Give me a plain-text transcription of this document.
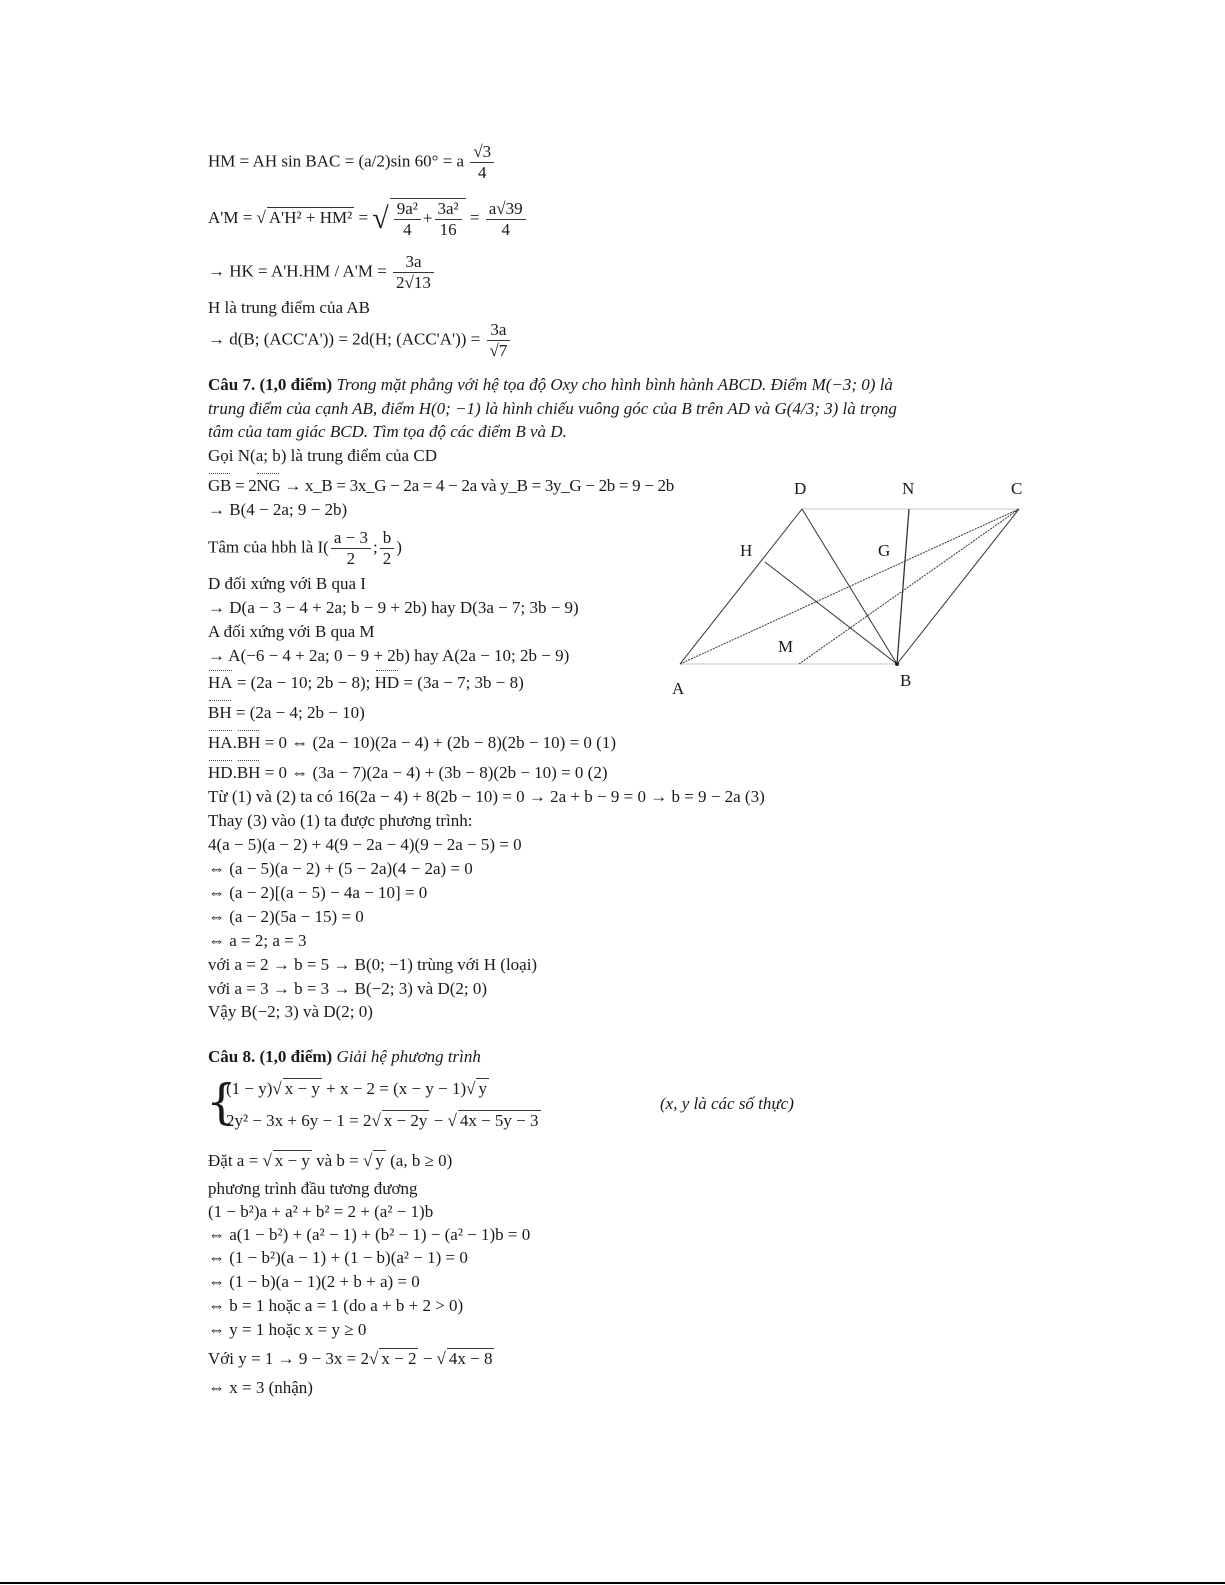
HM = AH sin BAC = (a/2)sin 60° = a $\frac{√3}{4}$
A'M = √ A'H² + HM² = √ $\frac{\text{9a²}}{4} + \frac{\text{3a²}}{16} = \frac{a√39}{4}$
→ HK = $A'H.HM / A'M = \frac{3a}{2√13}$
H là trung điểm của AB
→ d(B; (ACC'A')) = 2d(H; $(ACC'A')) = \frac{3a}{√7}$
Câu 7. (1,0 điểm) Trong mặt phẳng với hệ tọa độ Oxy cho hình bình hành ABCD. Điểm M(−3; 0) là
trung điểm của cạnh AB, điểm H(0; −1) là hình chiếu vuông góc của B trên AD và G(4/3; 3) là trọng
tâm của tam giác BCD. Tìm tọa độ các điểm B và D.
Gọi N(a; b) là trung điểm của CD
GB = 2NG → x_B = 3x_G − 2a = 4 − 2a và y_B = 3y_G − 2b = 9 − 2b
→ B(4 − 2a; 9 − 2b)
Tâm của hbh là $I( \frac{a - 3}{2}$ ; $\frac{b}{2}$ )
D đối xứng với B qua I
→ D(a − 3 − 4 + 2a; b − 9 + 2b) hay D(3a − 7; 3b − 9)
A đối xứng với B qua M
→ A(−6 − 4 + 2a; 0 − 9 + 2b) hay A(2a − 10; 2b − 9)
HA = (2a − 10; 2b − 8); HD = (3a − 7; 3b − 8)
BH = (2a − 4; 2b − 10)
HA.BH = 0 ⇔ (2a − 10)(2a − 4) + (2b − 8)(2b − 10) = 0 (1)
HD.BH = 0 ⇔ (3a − 7)(2a − 4) + (3b − 8)(2b − 10) = 0 (2)
Từ (1) và (2) ta có 16(2a − 4) + 8(2b − 10) = 0 → 2a + b − 9 = 0 → b = 9 − 2a (3)
Thay (3) vào (1) ta được phương trình:
4(a − 5)(a − 2) + 4(9 − 2a − 4)(9 − 2a − 5) = 0
⇔ (a − 5)(a − 2) + (5 − 2a)(4 − 2a) = 0
⇔ (a − 2)[(a − 5) − 4a − 10] = 0
⇔ (a − 2)(5a − 15) = 0
⇔ a = 2; a = 3
với a = 2 → b = 5 → B(0; −1) trùng với H (loại)
với a = 3 → b = 3 → B(−2; 3) và D(2; 0)
Vậy B(−2; 3) và D(2; 0)
A	B
C
D	N
H	G
M
Câu 8. (1,0 điểm) Giải hệ phương trình
{
(1 − y)√ x − y + x − 2 = (x − y − 1)√ y
2y² − 3x + 6y − 1 = 2√ x − 2y − √ 4x − 5y − 3
(x, y là các số thực)
Đặt a = √ x − y và b = √ y (a, b ≥ 0)
phương trình đầu tương đương
(1 − b²)a + a² + b² = 2 + (a² − 1)b
⇔ a(1 − b²) + (a² − 1) + (b² − 1) − (a² − 1)b = 0
⇔ (1 − b²)(a − 1) + (1 − b)(a² − 1) = 0
⇔ (1 − b)(a − 1)(2 + b + a) = 0
⇔ b = 1 hoặc a = 1 (do a + b + 2 > 0)
⇔ y = 1 hoặc x = y ≥ 0
Với y = 1 → 9 − 3x = 2√ x − 2 − √ 4x − 8
⇔ x = 3 (nhận)
